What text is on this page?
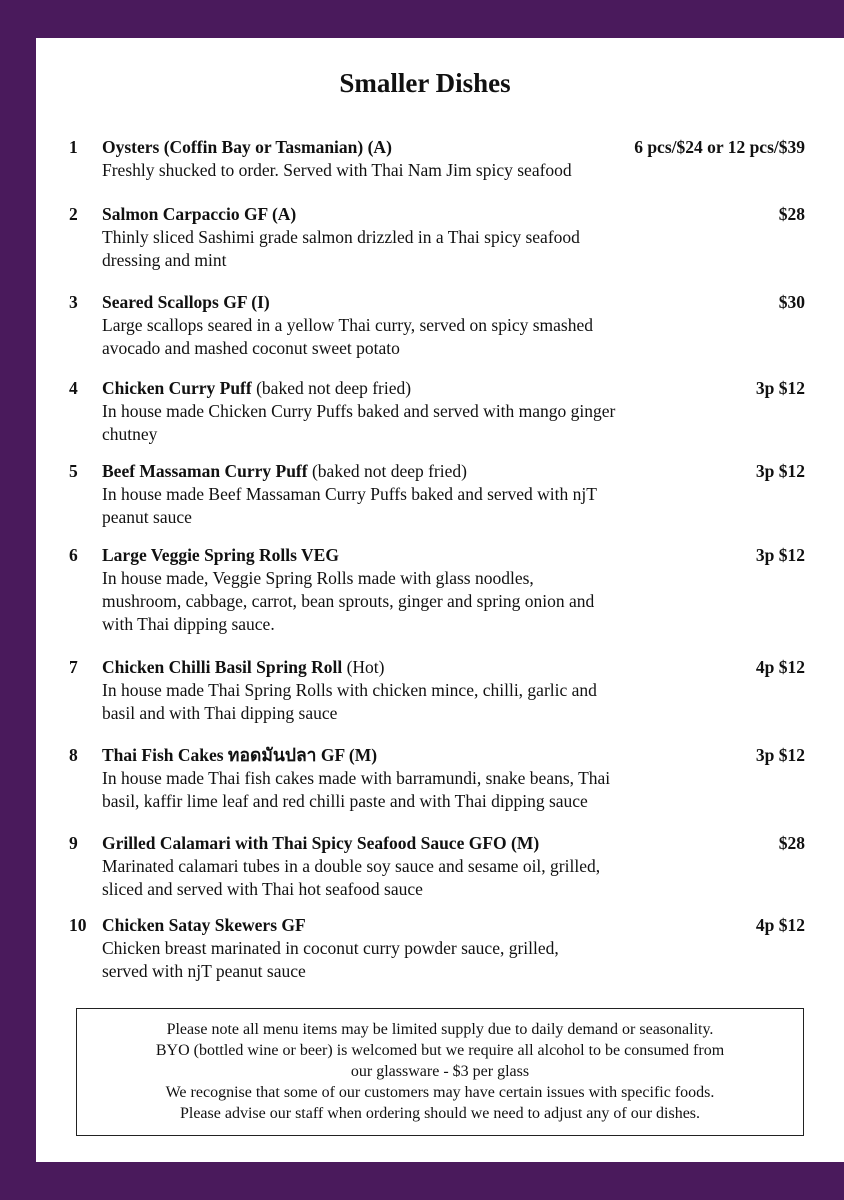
Smaller Dishes
1 Oysters (Coffin Bay or Tasmanian) (A)
Freshly shucked to order. Served with Thai Nam Jim spicy seafood
6 pcs/$24 or 12 pcs/$39
2 Salmon Carpaccio GF (A)
Thinly sliced Sashimi grade salmon drizzled in a Thai spicy seafood
dressing and mint
$28
3 Seared Scallops GF (I)
Large scallops seared in a yellow Thai curry, served on spicy smashed
avocado and mashed coconut sweet potato
$30
4 Chicken Curry Puff (baked not deep fried)
In house made Chicken Curry Puffs baked and served with mango ginger
chutney
3p $12
5 Beef Massaman Curry Puff (baked not deep fried)
In house made Beef Massaman Curry Puffs baked and served with njT
peanut sauce
3p $12
6 Large Veggie Spring Rolls VEG
In house made, Veggie Spring Rolls made with glass noodles,
mushroom, cabbage, carrot, bean sprouts, ginger and spring onion and
with Thai dipping sauce.
3p $12
7 Chicken Chilli Basil Spring Roll (Hot)
In house made Thai Spring Rolls with chicken mince, chilli, garlic and
basil and with Thai dipping sauce
4p $12
8 Thai Fish Cakes ทอดมันปลา GF (M)
In house made Thai fish cakes made with barramundi, snake beans, Thai
basil, kaffir lime leaf and red chilli paste and with Thai dipping sauce
3p $12
9 Grilled Calamari with Thai Spicy Seafood Sauce GFO (M)
Marinated calamari tubes in a double soy sauce and sesame oil, grilled,
sliced and served with Thai hot seafood sauce
$28
10 Chicken Satay Skewers GF
Chicken breast marinated in coconut curry powder sauce, grilled,
served with njT peanut sauce
4p $12
Please note all menu items may be limited supply due to daily demand or seasonality.
BYO (bottled wine or beer) is welcomed but we require all alcohol to be consumed from
our glassware - $3 per glass
We recognise that some of our customers may have certain issues with specific foods.
Please advise our staff when ordering should we need to adjust any of our dishes.
